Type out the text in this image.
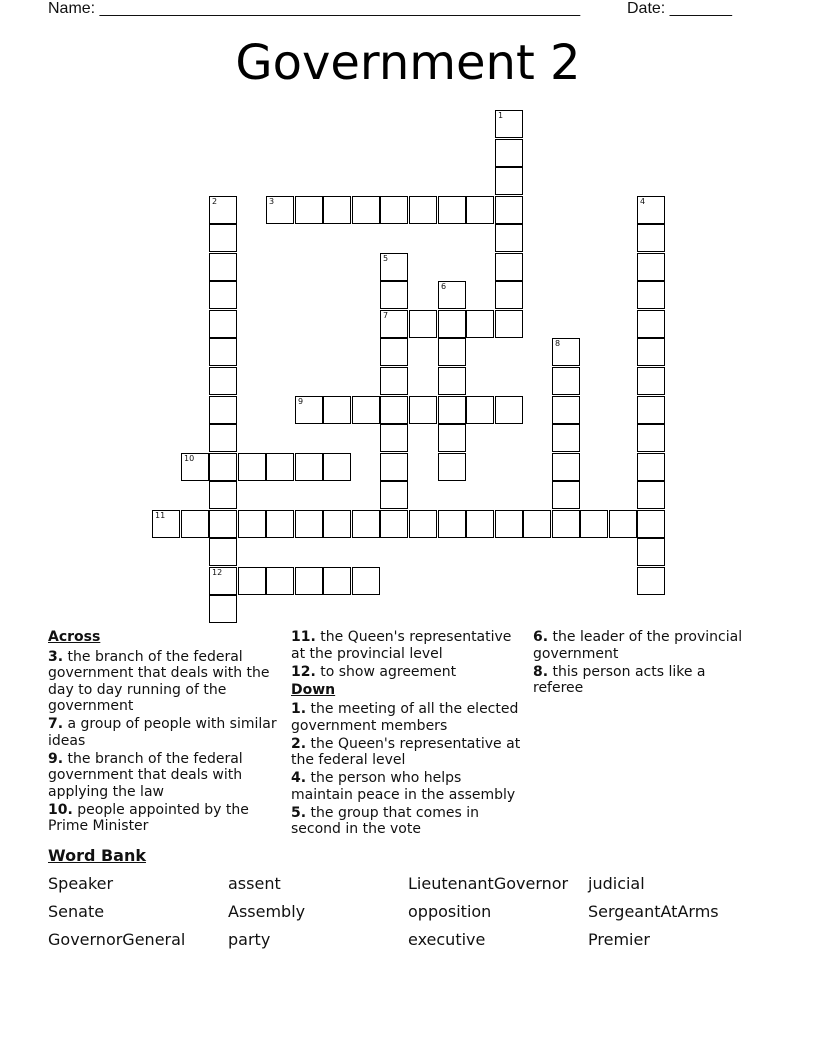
Name: ______________________________________________________	Date: _______
Government 2
1
2
12
3	4
5
7
6
8
9
10
11
Across
3. the branch of the federal government that deals with the day to day running of the government
7. a group of people with similar ideas
9. the branch of the federal government that deals with applying the law
10. people appointed by the Prime Minister
11. the Queen's representative at the provincial level
12. to show agreement
Down
1. the meeting of all the elected government members
2. the Queen's representative at the federal level
4. the person who helps maintain peace in the assembly
5. the group that comes in second in the vote
6. the leader of the provincial government
8. this person acts like a referee
Word Bank
Speaker	assent	LieutenantGovernor judicial
Senate	Assembly	opposition	SergeantAtArms
GovernorGeneral	party	executive	Premier
